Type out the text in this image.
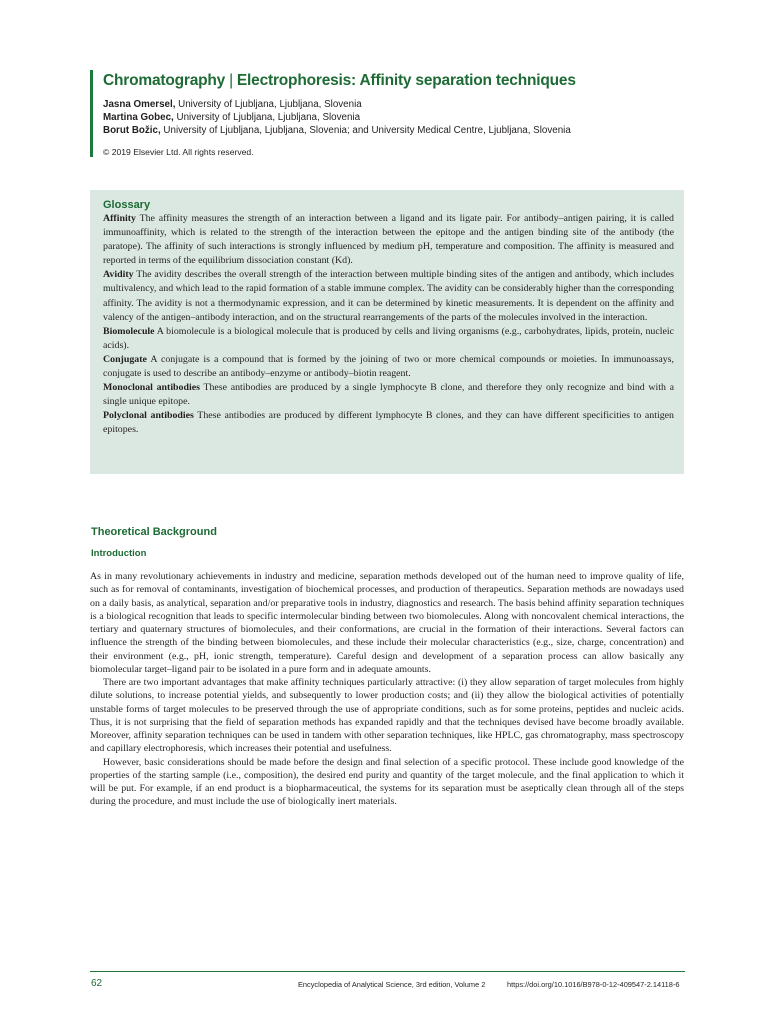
Chromatography | Electrophoresis: Affinity separation techniques
Jasna Omersel, University of Ljubljana, Ljubljana, Slovenia
Martina Gobec, University of Ljubljana, Ljubljana, Slovenia
Borut Božic, University of Ljubljana, Ljubljana, Slovenia; and University Medical Centre, Ljubljana, Slovenia
© 2019 Elsevier Ltd. All rights reserved.
Glossary

Affinity The affinity measures the strength of an interaction between a ligand and its ligate pair. For antibody–antigen pairing, it is called immunoaffinity, which is related to the strength of the interaction between the epitope and the antigen binding site of the antibody (the paratope). The affinity of such interactions is strongly influenced by medium pH, temperature and composition. The affinity is measured and reported in terms of the equilibrium dissociation constant (Kd).

Avidity The avidity describes the overall strength of the interaction between multiple binding sites of the antigen and antibody, which includes multivalency, and which lead to the rapid formation of a stable immune complex. The avidity can be considerably higher than the corresponding affinity. The avidity is not a thermodynamic expression, and it can be determined by kinetic measurements. It is dependent on the affinity and valency of the antigen–antibody interaction, and on the structural rearrangements of the parts of the molecules involved in the interaction.

Biomolecule A biomolecule is a biological molecule that is produced by cells and living organisms (e.g., carbohydrates, lipids, protein, nucleic acids).

Conjugate A conjugate is a compound that is formed by the joining of two or more chemical compounds or moieties. In immunoassays, conjugate is used to describe an antibody–enzyme or antibody–biotin reagent.

Monoclonal antibodies These antibodies are produced by a single lymphocyte B clone, and therefore they only recognize and bind with a single unique epitope.

Polyclonal antibodies These antibodies are produced by different lymphocyte B clones, and they can have different specificities to antigen epitopes.

Theoretical Background
Introduction

As in many revolutionary achievements in industry and medicine, separation methods developed out of the human need to improve quality of life, such as for removal of contaminants, investigation of biochemical processes, and production of therapeutics. Separation methods are nowadays used on a daily basis, as analytical, separation and/or preparative tools in industry, diagnostics and research. The basis behind affinity separation techniques is a biological recognition that leads to specific intermolecular binding between two biomolecules. Along with noncovalent chemical interactions, the tertiary and quaternary structures of biomolecules, and their conformations, are crucial in the formation of their interactions. Several factors can influence the strength of the binding between biomolecules, and these include their molecular characteristics (e.g., size, charge, concentration) and their environment (e.g., pH, ionic strength, temperature). Careful design and development of a separation process can allow basically any biomolecular target–ligand pair to be isolated in a pure form and in adequate amounts.

There are two important advantages that make affinity techniques particularly attractive: (i) they allow separation of target molecules from highly dilute solutions, to increase potential yields, and subsequently to lower production costs; and (ii) they allow the biological activities of potentially unstable forms of target molecules to be preserved through the use of appropriate conditions, such as for some proteins, peptides and nucleic acids. Thus, it is not surprising that the field of separation methods has expanded rapidly and that the techniques devised have become broadly available. Moreover, affinity separation techniques can be used in tandem with other separation techniques, like HPLC, gas chromatography, mass spectroscopy and capillary electrophoresis, which increases their potential and usefulness.

However, basic considerations should be made before the design and final selection of a specific protocol. These include good knowledge of the properties of the starting sample (i.e., composition), the desired end purity and quantity of the target molecule, and the final application to which it will be put. For example, if an end product is a biopharmaceutical, the systems for its separation must be aseptically clean through all of the steps during the procedure, and must include the use of biologically inert materials.

62	Encyclopedia of Analytical Science, 3rd edition, Volume 2	https://doi.org/10.1016/B978-0-12-409547-2.14118-6
